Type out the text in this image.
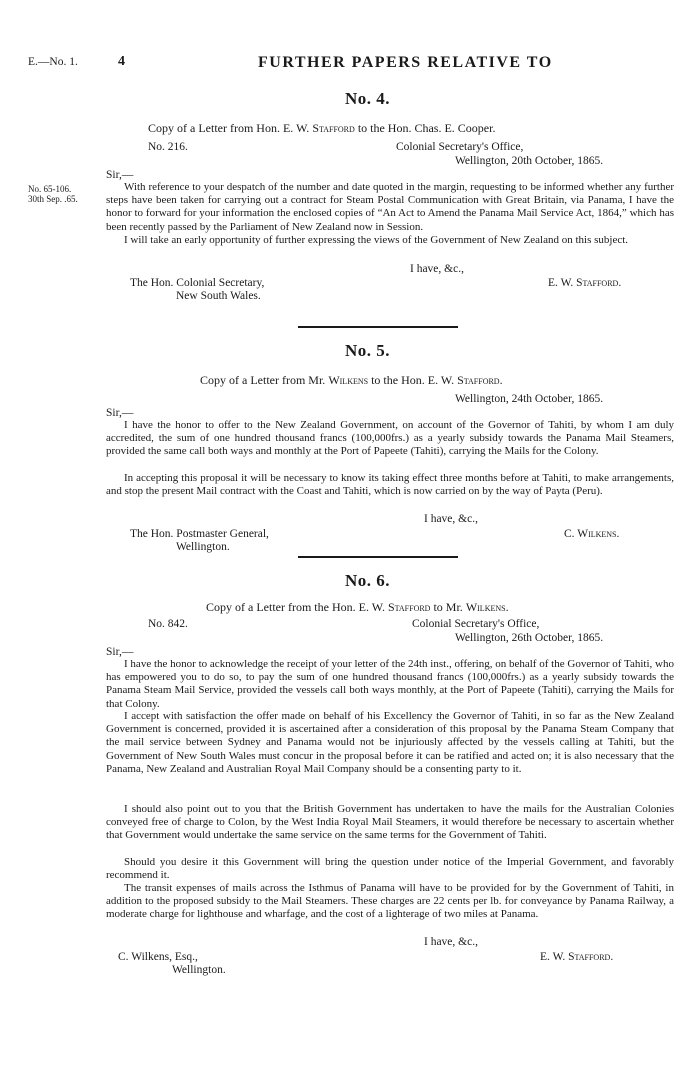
E.—No. 1.	4	FURTHER PAPERS RELATIVE TO
No. 65-106.
30th Sep. .65.
No. 4.
Copy of a Letter from Hon. E. W. Stafford to the Hon. Chas. E. Cooper.
No. 216.	Colonial Secretary's Office,
Wellington, 20th October, 1865.
Sir,—
With reference to your despatch of the number and date quoted in the margin, requesting to be informed whether any further steps have been taken for carrying out a contract for Steam Postal Communication with Great Britain, via Panama, I have the honor to forward for your information the enclosed copies of “An Act to Amend the Panama Mail Service Act, 1864,” which has been recently passed by the Parliament of New Zealand now in Session.
I will take an early opportunity of further expressing the views of the Government of New Zealand on this subject.
I have, &c.,
E. W. Stafford.
The Hon. Colonial Secretary,
New South Wales.
No. 5.
Copy of a Letter from Mr. Wilkens to the Hon. E. W. Stafford.
Wellington, 24th October, 1865.
Sir,—
I have the honor to offer to the New Zealand Government, on account of the Governor of Tahiti, by whom I am duly accredited, the sum of one hundred thousand francs (100,000frs.) as a yearly subsidy towards the Panama Mail Steamers, provided the same call both ways and monthly at the Port of Papeete (Tahiti), carrying the Mails for the Colony.
In accepting this proposal it will be necessary to know its taking effect three months before at Tahiti, to make arrangements, and stop the present Mail contract with the Coast and Tahiti, which is now carried on by the way of Payta (Peru).
I have, &c.,
C. Wilkens.
The Hon. Postmaster General,
Wellington.
No. 6.
Copy of a Letter from the Hon. E. W. Stafford to Mr. Wilkens.
No. 842.	Colonial Secretary's Office,
Wellington, 26th October, 1865.
Sir,—
I have the honor to acknowledge the receipt of your letter of the 24th inst., offering, on behalf of the Governor of Tahiti, who has empowered you to do so, to pay the sum of one hundred thousand francs (100,000frs.) as a yearly subsidy towards the Panama Steam Mail Service, provided the vessels call both ways monthly, at the Port of Papeete (Tahiti), carrying the Mails for that Colony.
I accept with satisfaction the offer made on behalf of his Excellency the Governor of Tahiti, in so far as the New Zealand Government is concerned, provided it is ascertained after a consideration of this proposal by the Panama Steam Company that the mail service between Sydney and Panama would not be injuriously affected by the vessels calling at Tahiti, but the Government of New South Wales must concur in the proposal before it can be ratified and acted on; it is also necessary that the Panama, New Zealand and Australian Royal Mail Company should be a consenting party to it.
I should also point out to you that the British Government has undertaken to have the mails for the Australian Colonies conveyed free of charge to Colon, by the West India Royal Mail Steamers, it would therefore be necessary to ascertain whether that Government would undertake the same service on the same terms for the Government of Tahiti.
Should you desire it this Government will bring the question under notice of the Imperial Government, and favorably recommend it.
The transit expenses of mails across the Isthmus of Panama will have to be provided for by the Government of Tahiti, in addition to the proposed subsidy to the Mail Steamers. These charges are 22 cents per lb. for conveyance by Panama Railway, a moderate charge for lighthouse and wharfage, and the cost of a lighterage of two miles at Panama.
I have, &c.,
E. W. Stafford.
C. Wilkens, Esq.,
Wellington.
